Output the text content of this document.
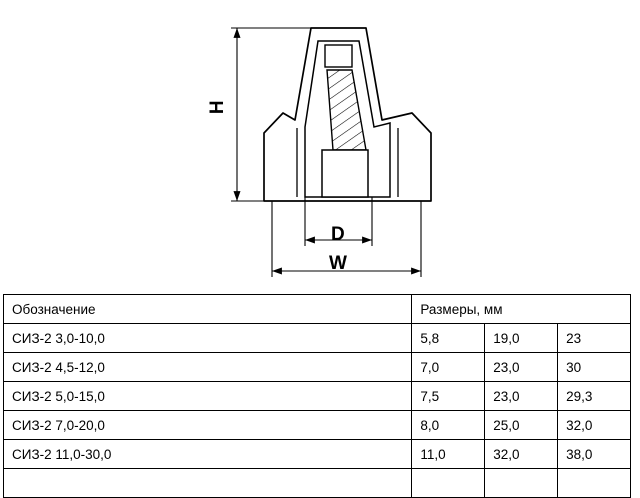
H
D
W
Обозначение	Размеры, мм		
СИЗ-2 3,0-10,0	5,8	19,0	23
СИЗ-2 4,5-12,0	7,0	23,0	30
СИЗ-2 5,0-15,0	7,5	23,0	29,3
СИЗ-2 7,0-20,0	8,0	25,0	32,0
СИЗ-2 11,0-30,0	11,0	32,0	38,0
